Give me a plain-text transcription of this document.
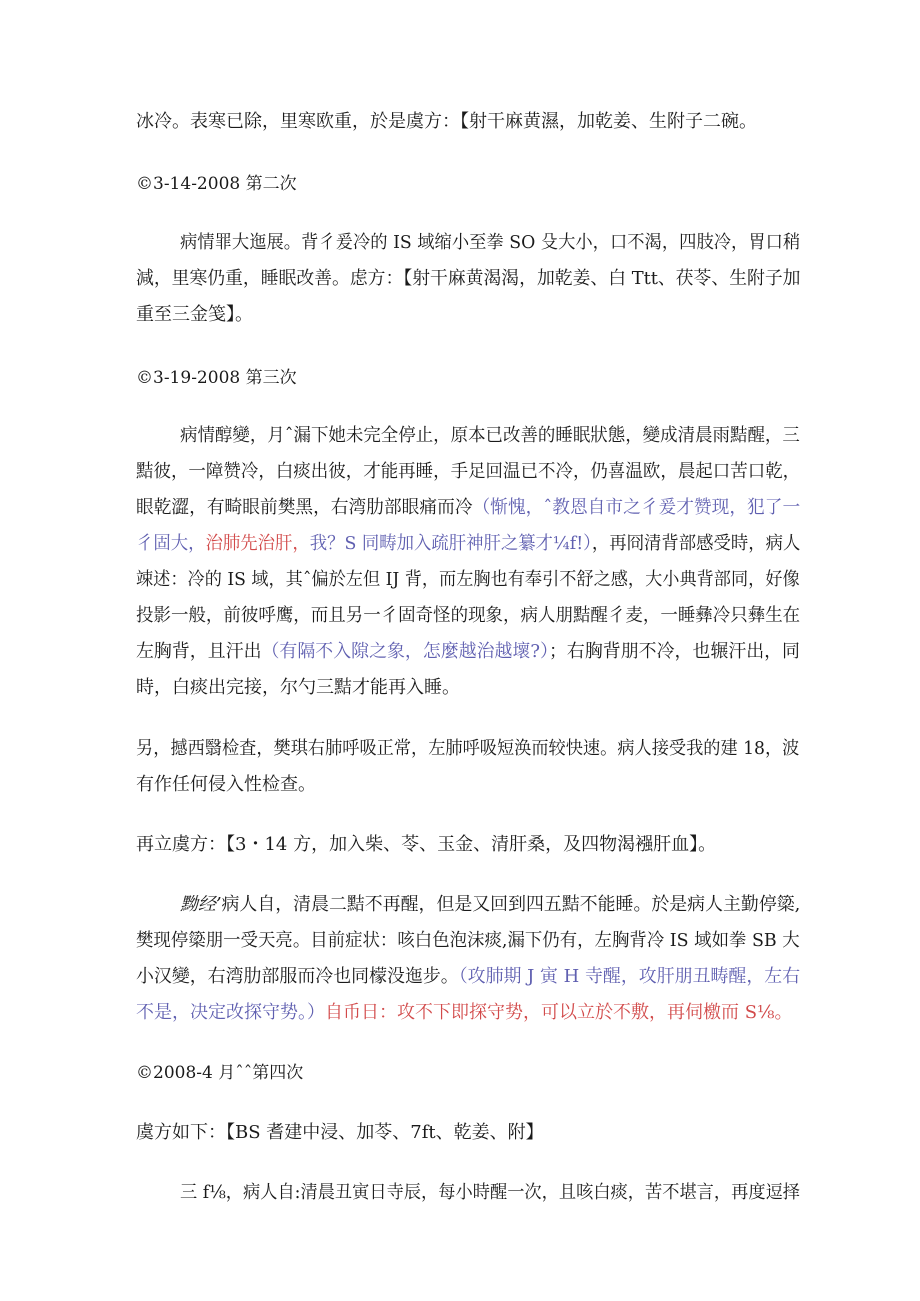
冰冷。表寒已除，里寒欧重，於是虞方：【射干麻黄濕，加乾姜、生附子二碗。
©3-14-2008 第二次
病情罪大迤展。背彳爰冷的 IS 域缩小至拳 SO 殳大小，口不渴，四肢冷，胃口稍
減，里寒仍重，睡眠改善。虑方：【射干麻黄渴渴，加乾姜、白 Ttt、茯苓、生附子加
重至三金笺】。
©3-19-2008 第三次
病情醇變，月ˆ漏下她未完全停止，原本已改善的睡眠狀態，變成清晨雨黠醒，三
黠彼，一障赞冷，白痰出彼，才能再睡，手足回温已不冷，仍喜温欧，晨起口苦口乾，
眼乾澀，有畸眼前樊黑，右湾肋部眼痛而冷（惭愧，ˆ教恩自市之彳爰才赞现，犯了一
彳固大，治肺先治肝，我？S 同畴加入疏肝神肝之纂才¼f!），再冏清背部感受時，病人
竦述：冷的 IS 域，其ˆ偏於左但 IJ 背，而左胸也有奉引不舒之感，大小典背部同，好像
投影一般，前彼呼鹰，而且另一彳固奇怪的现象，病人朋黠醒彳麦，一睡彝冷只彝生在
左胸背，且汗出（有隔不入隙之象，怎麼越治越壞?）；右胸背朋不冷，也辗汗出，同
時，白痰出完接，尔勺三黠才能再入睡。
另，撼西翳检査，樊琪右肺呼吸正常，左肺呼吸短涣而较快速。病人接受我的建 18，波
有作任何侵入性检查。
再立虞方：【3・14 方，加入柴、苓、玉金、清肝桑，及四物渴襁肝血】。
黝经’病人自，清晨二黠不再醒，但是又回到四五黠不能睡。於是病人主勤停簗,
樊现停簗朋一受天亮。目前症状：咳白色泡沫痰,漏下仍有，左胸背冷 IS 域如拳 SB 大
小汉變，右湾肋部服而冷也同檬没迤步。（攻肺期 J 寅 H 寺醒，攻肝朋丑畴醒，左右
不是，决定改探守势。）自币日：攻不下即探守势，可以立於不敷，再伺檄而 S⅛。
©2008-4 月ˆˆ第四次
虞方如下：【BS 耆建中浸、加苓、7ft、乾姜、附】
三 f⅛，病人自:清晨丑寅日寺辰，每小時醒一次，且咳白痰，苦不堪言，再度逗择
